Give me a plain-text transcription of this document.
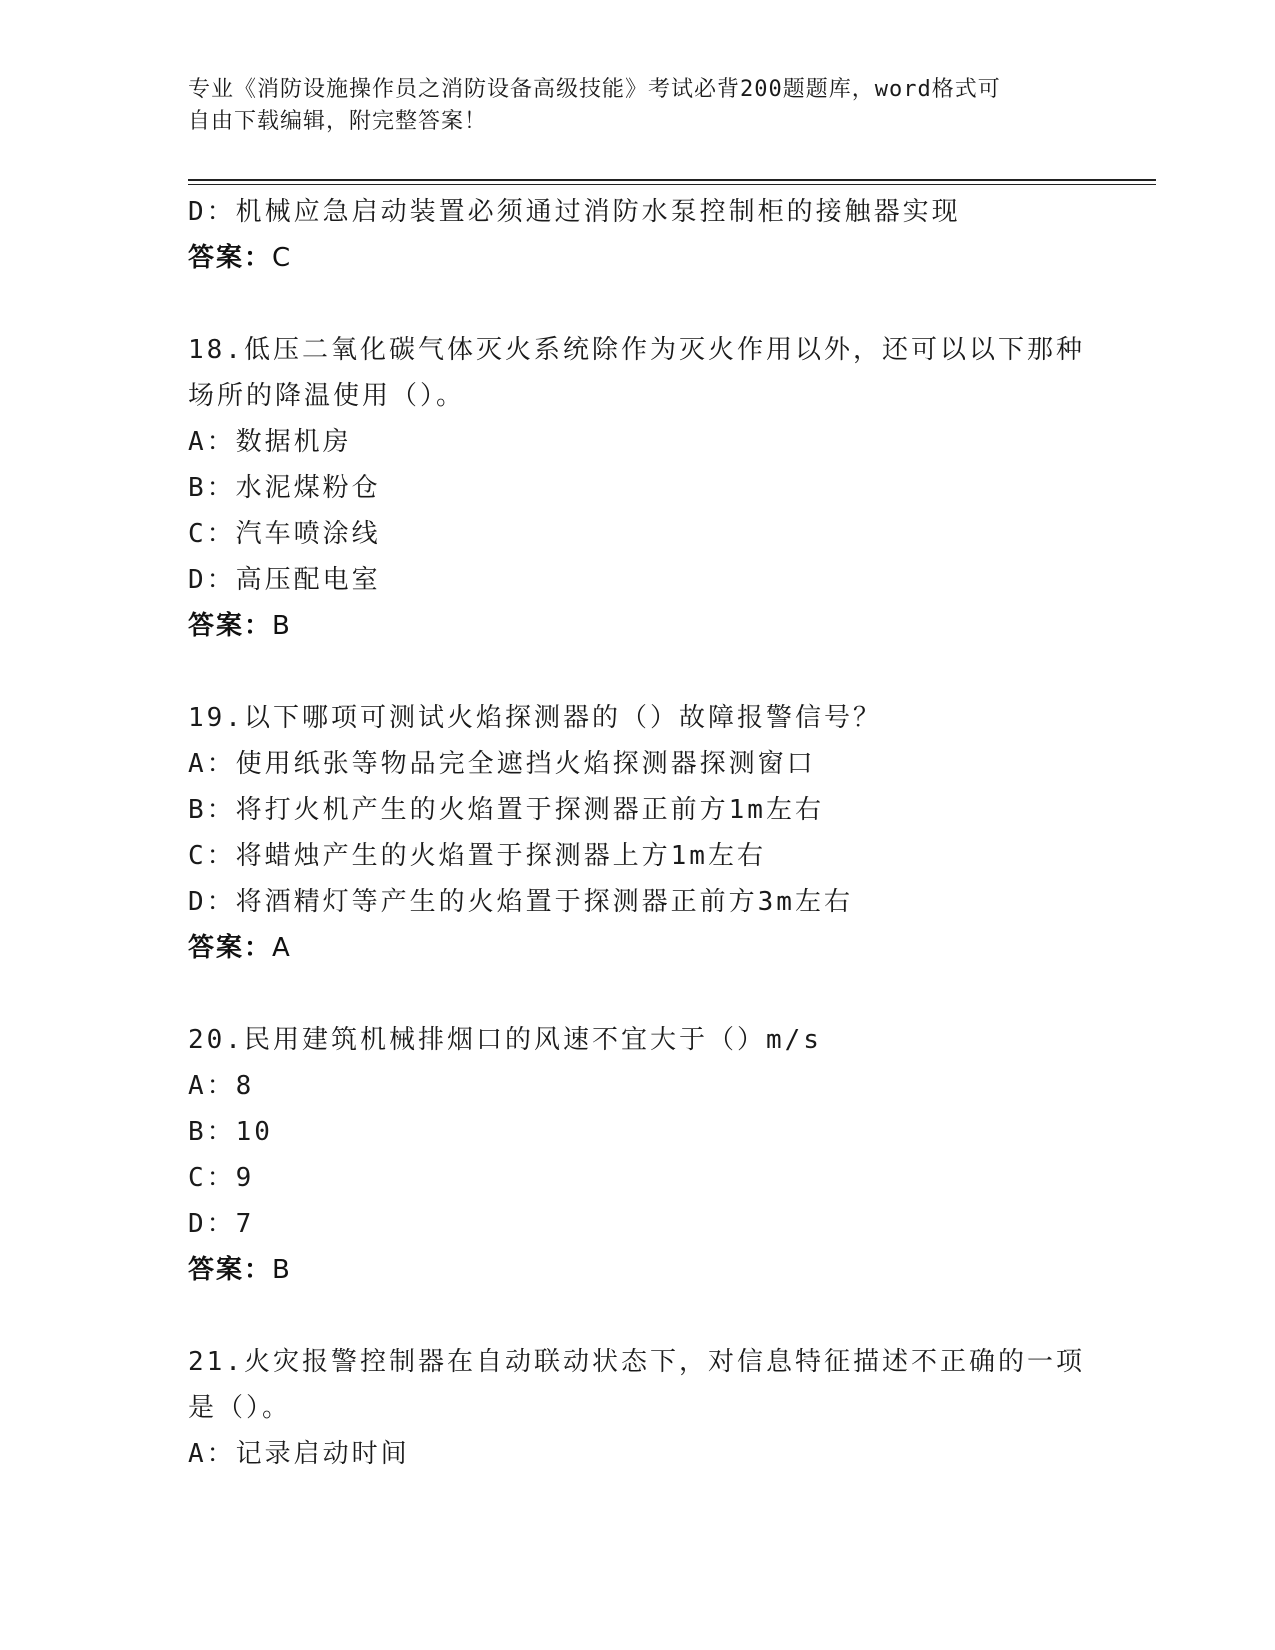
专业《消防设施操作员之消防设备高级技能》考试必背200题题库，word格式可
自由下载编辑，附完整答案！
D：机械应急启动装置必须通过消防水泵控制柜的接触器实现
答案：C
18.低压二氧化碳气体灭火系统除作为灭火作用以外，还可以以下那种
场所的降温使用（）。
A：数据机房
B：水泥煤粉仓
C：汽车喷涂线
D：高压配电室
答案：B
19.以下哪项可测试火焰探测器的（）故障报警信号？
A：使用纸张等物品完全遮挡火焰探测器探测窗口
B：将打火机产生的火焰置于探测器正前方1m左右
C：将蜡烛产生的火焰置于探测器上方1m左右
D：将酒精灯等产生的火焰置于探测器正前方3m左右
答案：A
20.民用建筑机械排烟口的风速不宜大于（）m/s
A：8
B：10
C：9
D：7
答案：B
21.火灾报警控制器在自动联动状态下，对信息特征描述不正确的一项
是（）。
A：记录启动时间
